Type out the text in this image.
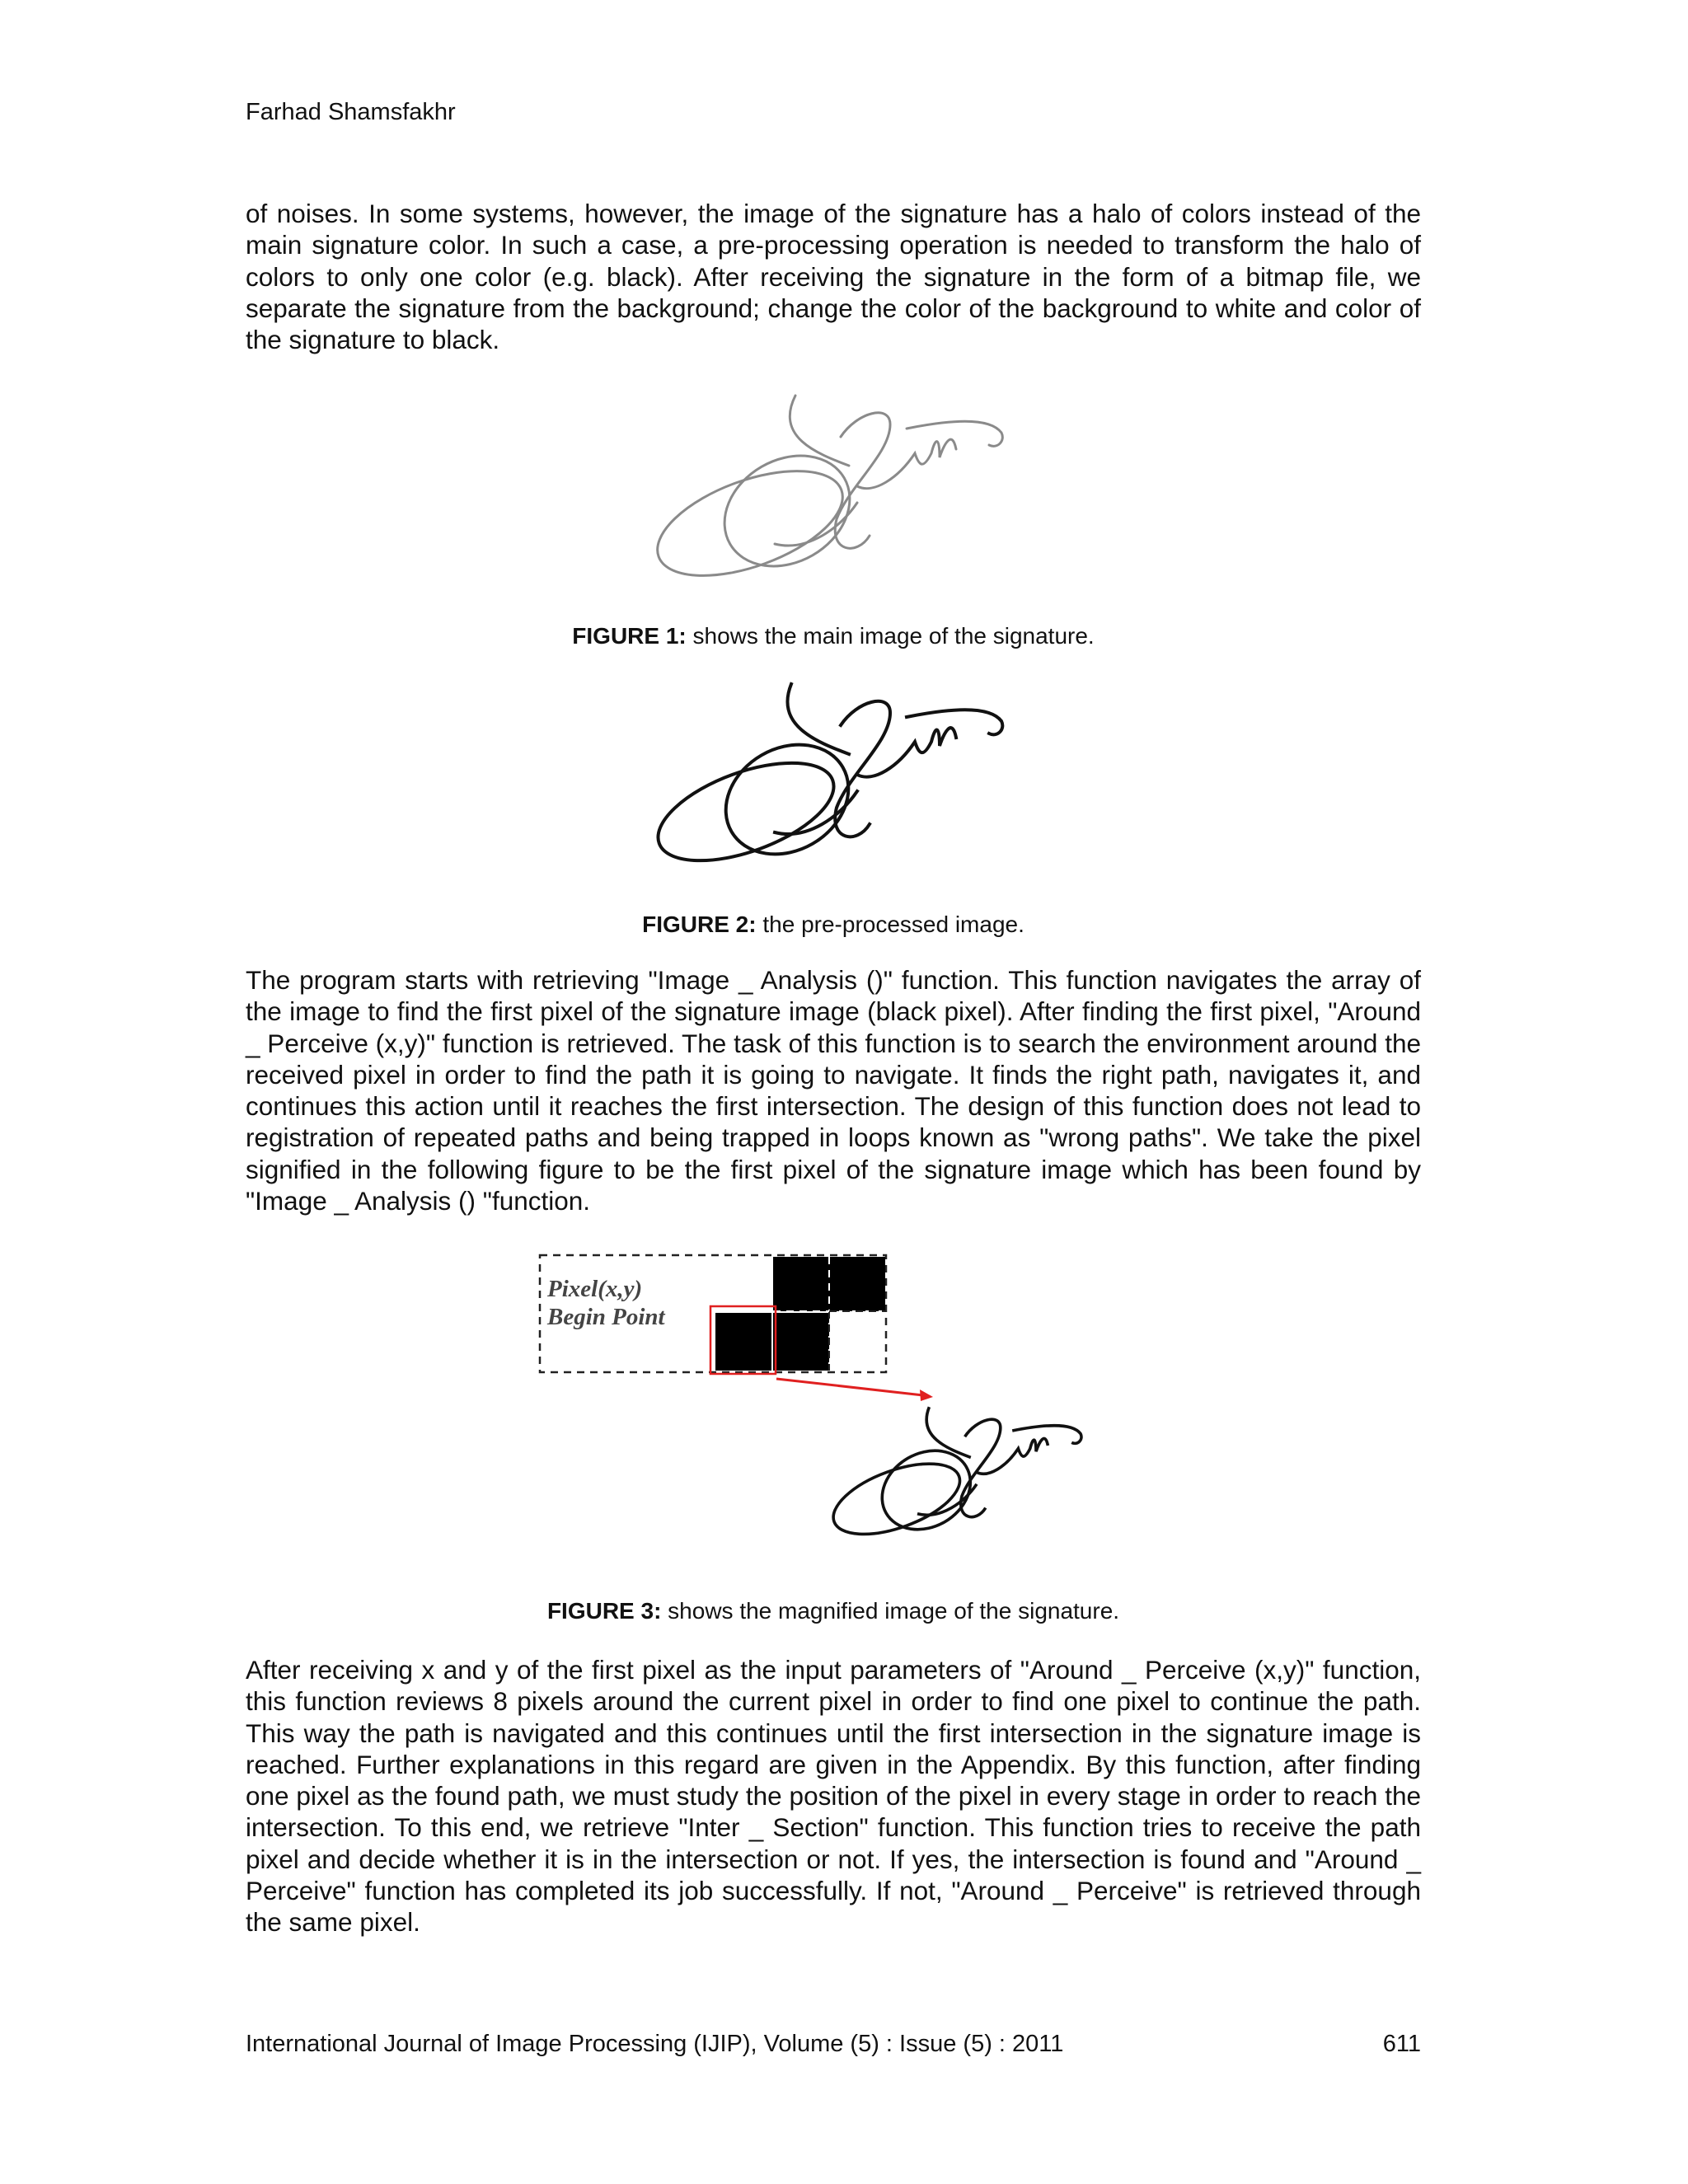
Farhad Shamsfakhr

of noises. In some systems, however, the image of the signature has a halo of colors instead of the main signature color. In such a case, a pre-processing operation is needed to transform the halo of colors to only one color (e.g. black). After receiving the signature in the form of a bitmap file, we separate the signature from the background; change the color of the background to white and color of the signature to black.

FIGURE 1: shows the main image of the signature.
FIGURE 2: the pre-processed image.

The program starts with retrieving "Image _ Analysis ()" function. This function navigates the array of the image to find the first pixel of the signature image (black pixel). After finding the first pixel, "Around _ Perceive (x,y)" function is retrieved. The task of this function is to search the environment around the received pixel in order to find the path it is going to navigate. It finds the right path, navigates it, and continues this action until it reaches the first intersection. The design of this function does not lead to registration of repeated paths and being trapped in loops known as "wrong paths". We take the pixel signified in the following figure to be the first pixel of the signature image which has been found by "Image _ Analysis () "function.

Pixel(x,y)
Begin Point
FIGURE 3: shows the magnified image of the signature.

After receiving x and y of the first pixel as the input parameters of "Around _ Perceive (x,y)" function, this function reviews 8 pixels around the current pixel in order to find one pixel to continue the path. This way the path is navigated and this continues until the first intersection in the signature image is reached. Further explanations in this regard are given in the Appendix. By this function, after finding one pixel as the found path, we must study the position of the pixel in every stage in order to reach the intersection. To this end, we retrieve "Inter _ Section" function. This function tries to receive the path pixel and decide whether it is in the intersection or not. If yes, the intersection is found and "Around _ Perceive" function has completed its job successfully. If not, "Around _ Perceive" is retrieved through the same pixel.

International Journal of Image Processing (IJIP), Volume (5) : Issue (5) : 2011	611
